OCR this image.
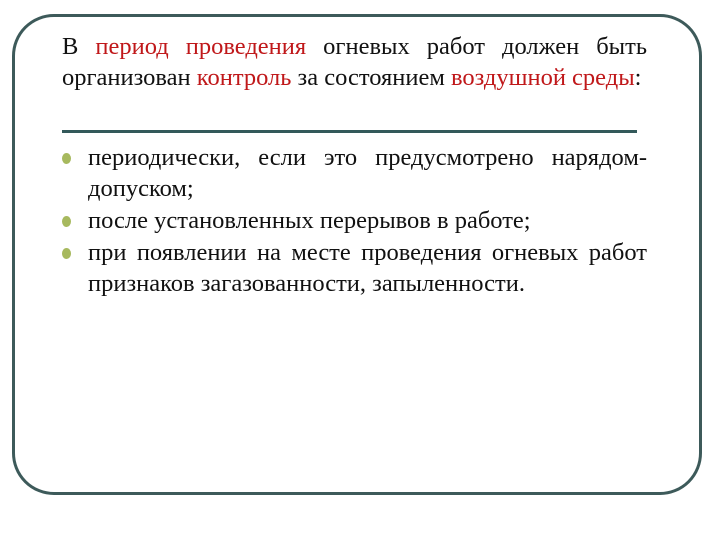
В период проведения огневых работ должен быть организован контроль за состоянием воздушной среды:

периодически, если это предусмотрено нарядом-допуском;
после установленных перерывов в работе;
при появлении на месте проведения огневых работ признаков загазованности, запыленности.
